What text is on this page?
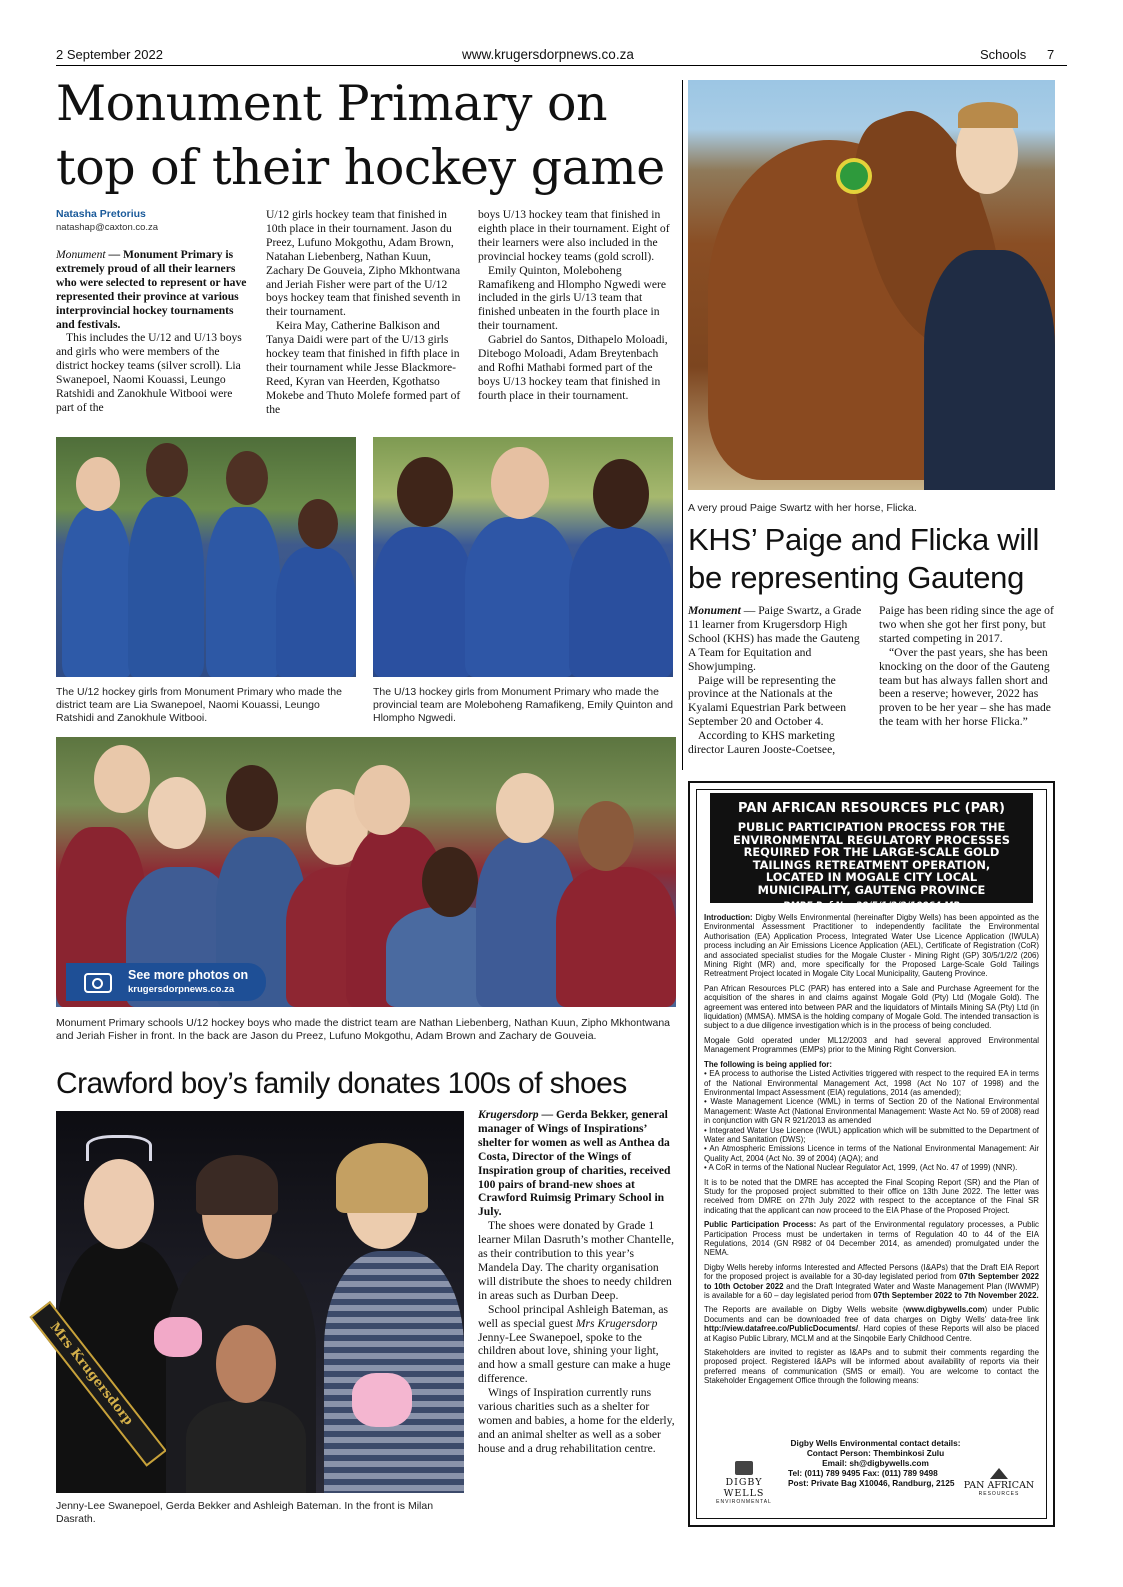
2 September 2022	www.krugersdorpnews.co.za	Schools 7
Monument Primary on
top of their hockey game
Natasha Pretorius
natashap@caxton.co.za

Monument — Monument Primary is extremely proud of all their learners who were selected to represent or have represented their province at various interprovincial hockey tournaments and festivals.

This includes the U/12 and U/13 boys and girls who were members of the district hockey teams (silver scroll). Lia Swanepoel, Naomi Kouassi, Leungo Ratshidi and Zanokhule Witbooi were part of the

U/12 girls hockey team that finished in 10th place in their tournament. Jason du Preez, Lufuno Mokgothu, Adam Brown, Natahan Liebenberg, Nathan Kuun, Zachary De Gouveia, Zipho Mkhontwana and Jeriah Fisher were part of the U/12 boys hockey team that finished seventh in their tournament.

Keira May, Catherine Balkison and Tanya Daidi were part of the U/13 girls hockey team that finished in fifth place in their tournament while Jesse Blackmore-Reed, Kyran van Heerden, Kgothatso Mokebe and Thuto Molefe formed part of the

boys U/13 hockey team that finished in eighth place in their tournament. Eight of their learners were also included in the provincial hockey teams (gold scroll).

Emily Quinton, Moleboheng Ramafikeng and Hlompho Ngwedi were included in the girls U/13 team that finished unbeaten in the fourth place in their tournament.

Gabriel do Santos, Dithapelo Moloadi, Ditebogo Moloadi, Adam Breytenbach and Rofhi Mathabi formed part of the boys U/13 hockey team that finished in fourth place in their tournament.

The U/12 hockey girls from Monument Primary who made the district team are Lia Swanepoel, Naomi Kouassi, Leungo Ratshidi and Zanokhule Witbooi.
The U/13 hockey girls from Monument Primary who made the provincial team are Moleboheng Ramafikeng, Emily Quinton and Hlompho Ngwedi.
See more photos on
krugersdorpnews.co.za
Monument Primary schools U/12 hockey boys who made the district team are Nathan Liebenberg, Nathan Kuun, Zipho Mkhontwana and Jeriah Fisher in front. In the back are Jason du Preez, Lufuno Mokgothu, Adam Brown and Zachary de Gouveia.
A very proud Paige Swartz with her horse, Flicka.
KHS’ Paige and Flicka will
be representing Gauteng

Monument — Paige Swartz, a Grade 11 learner from Krugersdorp High School (KHS) has made the Gauteng A Team for Equitation and Showjumping.

Paige will be representing the province at the Nationals at the Kyalami Equestrian Park between September 20 and October 4.

According to KHS marketing director Lauren Jooste-Coetsee,

Paige has been riding since the age of two when she got her first pony, but started competing in 2017.

“Over the past years, she has been knocking on the door of the Gauteng team but has always fallen short and been a reserve; however, 2022 has proven to be her year – she has made the team with her horse Flicka.”

PAN AFRICAN RESOURCES PLC (PAR)
PUBLIC PARTICIPATION PROCESS FOR THE
ENVIRONMENTAL REGULATORY PROCESSES
REQUIRED FOR THE LARGE-SCALE GOLD
TAILINGS RETREATMENT OPERATION,
LOCATED IN MOGALE CITY LOCAL
MUNICIPALITY, GAUTENG PROVINCE
DMRE Ref No: 30/5/1/2/2/10064 MR

Introduction: Digby Wells Environmental (hereinafter Digby Wells) has been appointed as the Environmental Assessment Practitioner to independently facilitate the Environmental Authorisation (EA) Application Process, Integrated Water Use Licence Application (IWULA) process including an Air Emissions Licence Application (AEL), Certificate of Registration (CoR) and associated specialist studies for the Mogale Cluster - Mining Right (GP) 30/5/1/2/2 (206) Mining Right (MR) and, more specifically for the Proposed Large-Scale Gold Tailings Retreatment Project located in Mogale City Local Municipality, Gauteng Province.

Pan African Resources PLC (PAR) has entered into a Sale and Purchase Agreement for the acquisition of the shares in and claims against Mogale Gold (Pty) Ltd (Mogale Gold). The agreement was entered into between PAR and the liquidators of Mintails Mining SA (Pty) Ltd (in liquidation) (MMSA). MMSA is the holding company of Mogale Gold. The intended transaction is subject to a due diligence investigation which is in the process of being concluded.

Mogale Gold operated under ML12/2003 and had several approved Environmental Management Programmes (EMPs) prior to the Mining Right Conversion.

The following is being applied for:

• EA process to authorise the Listed Activities triggered with respect to the required EA in terms of the National Environmental Management Act, 1998 (Act No 107 of 1998) and the Environmental Impact Assessment (EIA) regulations, 2014 (as amended);
• Waste Management Licence (WML) in terms of Section 20 of the National Environmental Management: Waste Act (National Environmental Management: Waste Act No. 59 of 2008) read in conjunction with GN R 921/2013 as amended
• Integrated Water Use Licence (IWUL) application which will be submitted to the Department of Water and Sanitation (DWS);
• An Atmospheric Emissions Licence in terms of the National Environmental Management: Air Quality Act, 2004 (Act No. 39 of 2004) (AQA); and
• A CoR in terms of the National Nuclear Regulator Act, 1999, (Act No. 47 of 1999) (NNR).

It is to be noted that the DMRE has accepted the Final Scoping Report (SR) and the Plan of Study for the proposed project submitted to their office on 13th June 2022. The letter was received from DMRE on 27th July 2022 with respect to the acceptance of the Final SR indicating that the applicant can now proceed to the EIA Phase of the Proposed Project.

Public Participation Process: As part of the Environmental regulatory processes, a Public Participation Process must be undertaken in terms of Regulation 40 to 44 of the EIA Regulations, 2014 (GN R982 of 04 December 2014, as amended) promulgated under the NEMA.

Digby Wells hereby informs Interested and Affected Persons (I&APs) that the Draft EIA Report for the proposed project is available for a 30-day legislated period from 07th September 2022 to 10th October 2022 and the Draft Integrated Water and Waste Management Plan (IWWMP) is available for a 60 – day legislated period from 07th September 2022 to 7th November 2022.

The Reports are available on Digby Wells website (www.digbywells.com) under Public Documents and can be downloaded free of data charges on Digby Wells’ data-free link http://view.datafree.co/PublicDocuments/. Hard copies of these Reports will also be placed at Kagiso Public Library, MCLM and at the Sinqobile Early Childhood Centre.

Stakeholders are invited to register as I&APs and to submit their comments regarding the proposed project. Registered I&APs will be informed about availability of reports via their preferred means of communication (SMS or email). You are welcome to contact the Stakeholder Engagement Office through the following means:

Digby Wells Environmental contact details:
Contact Person: Thembinkosi Zulu
Email: sh@digbywells.com
Tel: (011) 789 9495 Fax: (011) 789 9498
Post: Private Bag X10046, Randburg, 2125
DIGBY WELLS
ENVIRONMENTAL
PAN AFRICAN
RESOURCES
Crawford boy’s family donates 100s of shoes
Mrs Krugersdorp
Jenny-Lee Swanepoel, Gerda Bekker and Ashleigh Bateman. In the front is Milan Dasrath.

Krugersdorp — Gerda Bekker, general manager of Wings of Inspirations’ shelter for women as well as Anthea da Costa, Director of the Wings of Inspiration group of charities, received 100 pairs of brand-new shoes at Crawford Ruimsig Primary School in July.

The shoes were donated by Grade 1 learner Milan Dasruth’s mother Chantelle, as their contribution to this year’s Mandela Day. The charity organisation will distribute the shoes to needy children in areas such as Durban Deep.

School principal Ashleigh Bateman, as well as special guest Mrs Krugersdorp Jenny-Lee Swanepoel, spoke to the children about love, shining your light, and how a small gesture can make a huge difference.

Wings of Inspiration currently runs various charities such as a shelter for women and babies, a home for the elderly, and an animal shelter as well as a sober house and a drug rehabilitation centre.
